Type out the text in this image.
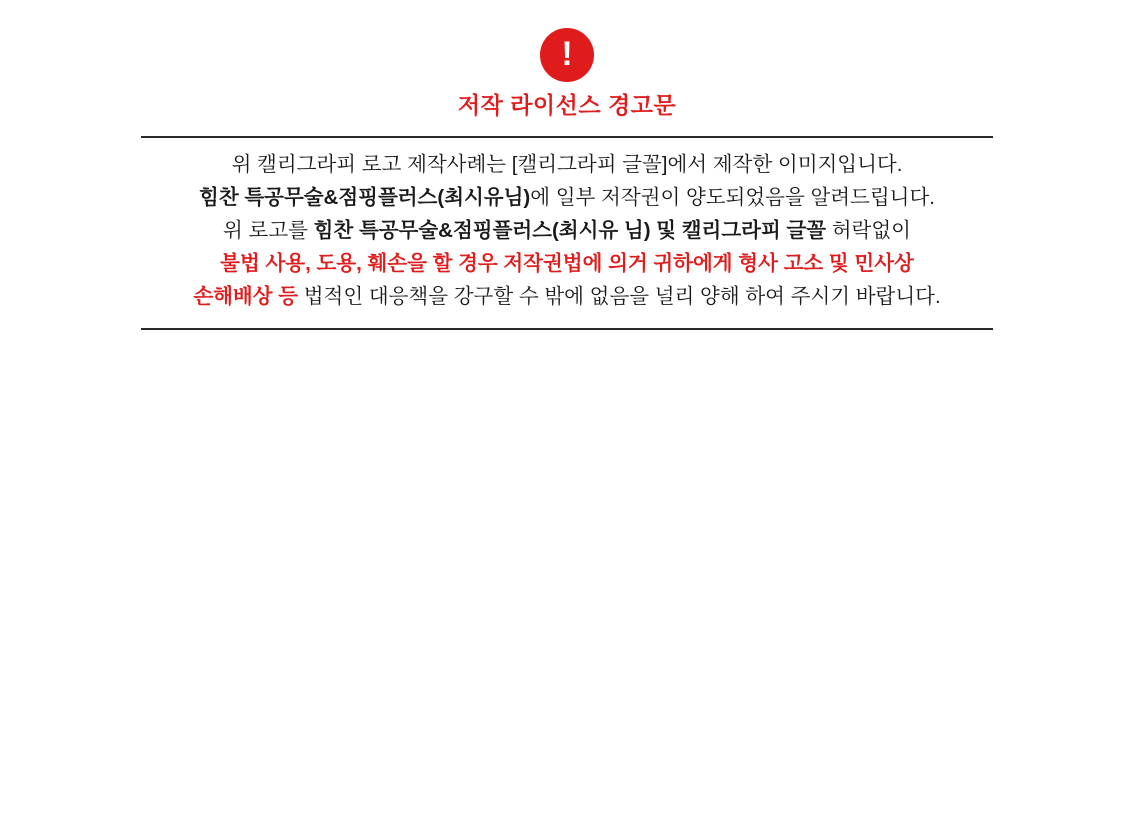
!
저작 라이선스 경고문

위 캘리그라피 로고 제작사례는 [캘리그라피 글꼴]에서 제작한 이미지입니다.

힘찬 특공무술&점핑플러스(최시유님)에 일부 저작권이 양도되었음을 알려드립니다.

위 로고를 힘찬 특공무술&점핑플러스(최시유 님) 및 캘리그라피 글꼴 허락없이

불법 사용, 도용, 훼손을 할 경우 저작권법에 의거 귀하에게 형사 고소 및 민사상

손해배상 등 법적인 대응책을 강구할 수 밖에 없음을 널리 양해 하여 주시기 바랍니다.
